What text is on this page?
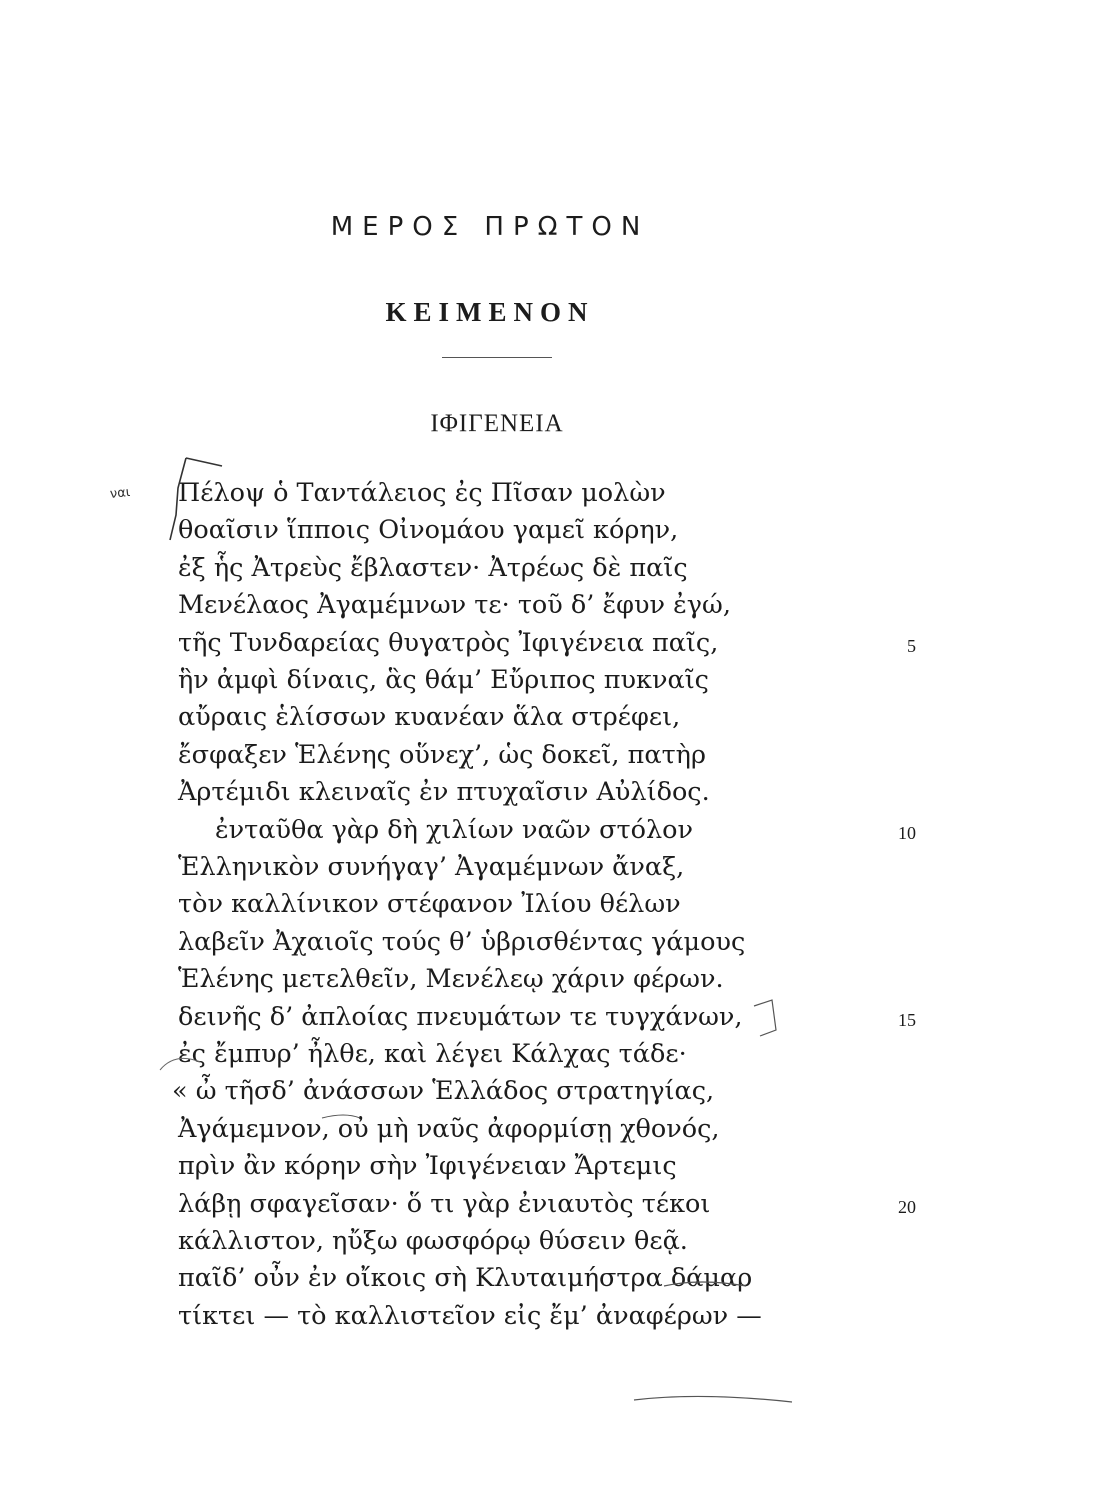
ΜΕΡΟΣ ΠΡΩΤΟΝ
ΚΕΙΜΕΝΟΝ
ΙΦΙΓΕΝΕΙΑ
ναι Πέλοψ ὁ Ταντάλειος ἐς Πῖσαν μολὼν
θοαῖσιν ἵπποις Οἰνομάου γαμεῖ κόρην,
ἐξ ἧς Ἀτρεὺς ἔβλαστεν· Ἀτρέως δὲ παῖς
Μενέλαος Ἀγαμέμνων τε· τοῦ δ’ ἔφυν ἐγώ,
τῆς Τυνδαρείας θυγατρὸς Ἰφιγένεια παῖς,
ἣν ἀμφὶ δίναις, ἃς θάμ’ Εὔριπος πυκναῖς
αὔραις ἑλίσσων κυανέαν ἅλα στρέφει,
ἔσφαξεν Ἑλένης οὕνεχ’, ὡς δοκεῖ, πατὴρ
Ἀρτέμιδι κλειναῖς ἐν πτυχαῖσιν Αὐλίδος.
ἐνταῦθα γὰρ δὴ χιλίων ναῶν στόλον
Ἑλληνικὸν συνήγαγ’ Ἀγαμέμνων ἄναξ,
τὸν καλλίνικον στέφανον Ἰλίου θέλων
λαβεῖν Ἀχαιοῖς τούς θ’ ὑβρισθέντας γάμους
Ἑλένης μετελθεῖν, Μενέλεῳ χάριν φέρων.
δεινῆς δ’ ἀπλοίας πνευμάτων τε τυγχάνων,
ἐς ἔμπυρ’ ἦλθε, καὶ λέγει Κάλχας τάδε·
« ὦ τῆσδ’ ἀνάσσων Ἑλλάδος στρατηγίας,
Ἀγάμεμνον, οὐ μὴ ναῦς ἀφορμίσῃ χθονός,
πρὶν ἂν κόρην σὴν Ἰφιγένειαν Ἄρτεμις
λάβῃ σφαγεῖσαν· ὅ τι γὰρ ἐνιαυτὸς τέκοι
κάλλιστον, ηὔξω φωσφόρῳ θύσειν θεᾷ.
παῖδ’ οὖν ἐν οἴκοις σὴ Κλυταιμήστρα δάμαρ
τίκτει — τὸ καλλιστεῖον εἰς ἔμ’ ἀναφέρων —
5
10
15
20
